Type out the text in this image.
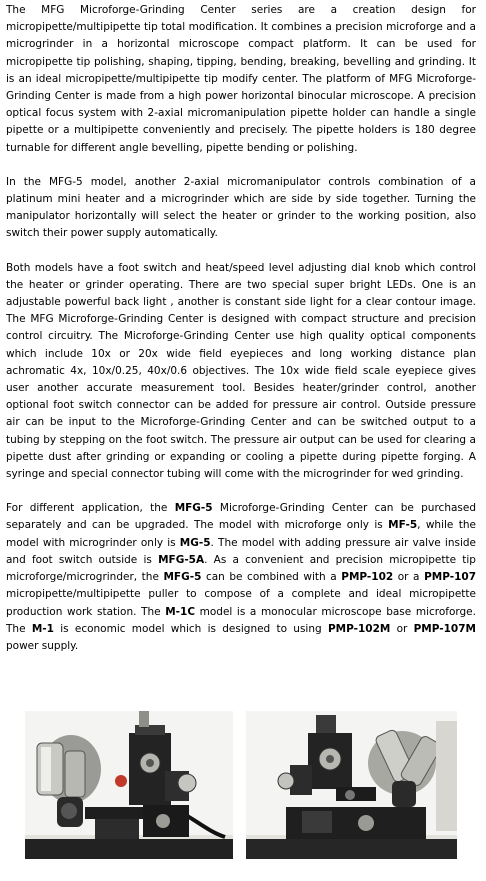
The MFG Microforge-Grinding Center series are a creation design for micropipette/multipipette tip total modification. It combines a precision microforge and a microgrinder in a horizontal microscope compact platform. It can be used for micropipette tip polishing, shaping, tipping, bending, breaking, bevelling and grinding. It is an ideal micropipette/multipipette tip modify center. The platform of MFG Microforge-Grinding Center is made from a high power horizontal binocular microscope. A precision optical focus system with 2-axial micromanipulation pipette holder can handle a single pipette or a multipipette conveniently and precisely. The pipette holders is 180 degree turnable for different angle bevelling, pipette bending or polishing.

In the MFG-5 model, another 2-axial micromanipulator controls combination of a platinum mini heater and a microgrinder which are side by side together. Turning the manipulator horizontally will select the heater or grinder to the working position, also switch their power supply automatically.

Both models have a foot switch and heat/speed level adjusting dial knob which control the heater or grinder operating. There are two special super bright LEDs. One is an adjustable powerful back light , another is constant side light for a clear contour image. The MFG Microforge-Grinding Center is designed with compact structure and precision control circuitry. The Microforge-Grinding Center use high quality optical components which include 10x or 20x wide field eyepieces and long working distance plan achromatic 4x, 10x/0.25, 40x/0.6 objectives. The 10x wide field scale eyepiece gives user another accurate measurement tool. Besides heater/grinder control, another optional foot switch connector can be added for pressure air control. Outside pressure air can be input to the Microforge-Grinding Center and can be switched output to a tubing by stepping on the foot switch. The pressure air output can be used for clearing a pipette dust after grinding or expanding or cooling a pipette during pipette forging. A syringe and special connector tubing will come with the microgrinder for wed grinding.

For different application, the MFG-5 Microforge-Grinding Center can be purchased separately and can be upgraded. The model with microforge only is MF-5, while the model with microgrinder only is MG-5. The model with adding pressure air valve inside and foot switch outside is MFG-5A. As a convenient and precision micropipette tip microforge/microgrinder, the MFG-5 can be combined with a PMP-102 or a PMP-107 micropipette/multipipette puller to compose of a complete and ideal micropipette production work station. The M-1C model is a monocular microscope base microforge. The M-1 is economic model which is designed to using PMP-102M or PMP-107M power supply.
